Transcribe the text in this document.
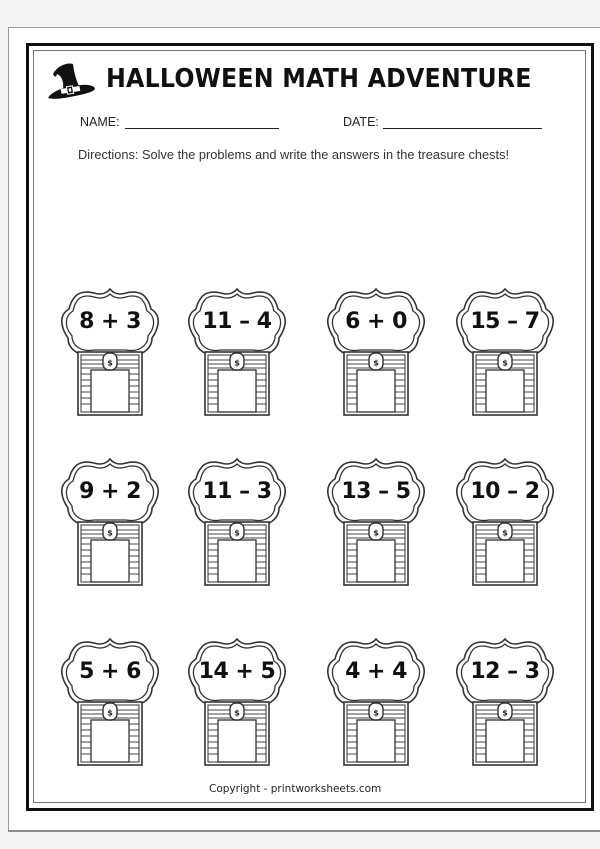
HALLOWEEN MATH ADVENTURE
NAME:	DATE:
Directions: Solve the problems and write the answers in the treasure chests!
$
8 + 3
$
11 – 4
$
6 + 0
$
15 – 7
$
9 + 2
$
11 – 3
$
13 – 5
$
10 – 2
$
5 + 6
$
14 + 5
$
4 + 4
$
12 – 3
Copyright - printworksheets.com
